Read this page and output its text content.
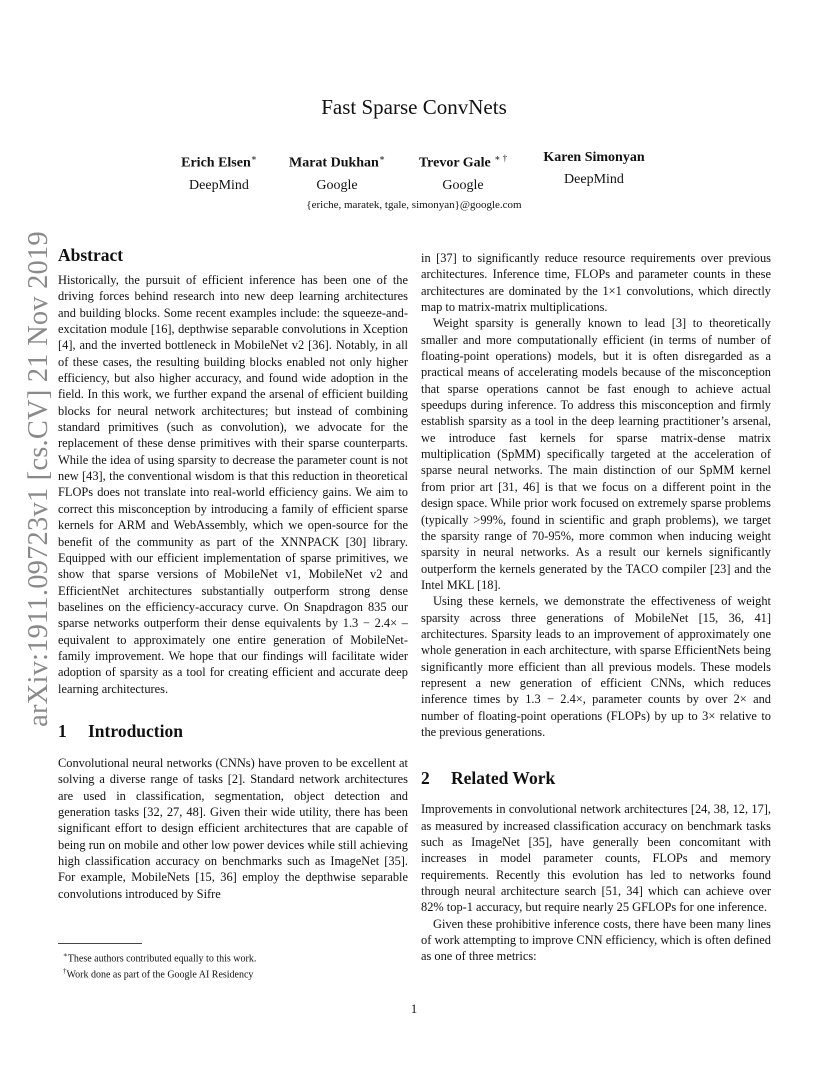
Fast Sparse ConvNets
Erich Elsen∗
DeepMind
Marat Dukhan∗
Google
Trevor Gale ∗ †
Google
Karen Simonyan
DeepMind
{eriche, maratek, tgale, simonyan}@google.com
arXiv:1911.09723v1 [cs.CV] 21 Nov 2019 Abstract

Historically, the pursuit of efficient inference has been one of the driving forces behind research into new deep learning architectures and building blocks. Some recent examples include: the squeeze-and-excitation module [16], depthwise separable convolutions in Xception [4], and the inverted bottleneck in MobileNet v2 [36]. Notably, in all of these cases, the resulting building blocks enabled not only higher efficiency, but also higher accuracy, and found wide adoption in the field. In this work, we further expand the arsenal of efficient building blocks for neural network architectures; but instead of combining standard primitives (such as convolution), we advocate for the replacement of these dense primitives with their sparse counterparts. While the idea of using sparsity to decrease the parameter count is not new [43], the conventional wisdom is that this reduction in theoretical FLOPs does not translate into real-world efficiency gains. We aim to correct this misconception by introducing a family of efficient sparse kernels for ARM and WebAssembly, which we open-source for the benefit of the community as part of the XNNPACK [30] library. Equipped with our efficient implementation of sparse primitives, we show that sparse versions of MobileNet v1, MobileNet v2 and EfficientNet architectures substantially outperform strong dense baselines on the efficiency-accuracy curve. On Snapdragon 835 our sparse networks outperform their dense equivalents by 1.3 − 2.4× – equivalent to approximately one entire generation of MobileNet-family improvement. We hope that our findings will facilitate wider adoption of sparsity as a tool for creating efficient and accurate deep learning architectures.

1 Introduction

Convolutional neural networks (CNNs) have proven to be excellent at solving a diverse range of tasks [2]. Standard network architectures are used in classification, segmentation, object detection and generation tasks [32, 27, 48]. Given their wide utility, there has been significant effort to design efficient architectures that are capable of being run on mobile and other low power devices while still achieving high classification accuracy on benchmarks such as ImageNet [35]. For example, MobileNets [15, 36] employ the depthwise separable convolutions introduced by Sifre

in [37] to significantly reduce resource requirements over previous architectures. Inference time, FLOPs and parameter counts in these architectures are dominated by the 1×1 convolutions, which directly map to matrix-matrix multiplications.

Weight sparsity is generally known to lead [3] to theoretically smaller and more computationally efficient (in terms of number of floating-point operations) models, but it is often disregarded as a practical means of accelerating models because of the misconception that sparse operations cannot be fast enough to achieve actual speedups during inference. To address this misconception and firmly establish sparsity as a tool in the deep learning practitioner’s arsenal, we introduce fast kernels for sparse matrix-dense matrix multiplication (SpMM) specifically targeted at the acceleration of sparse neural networks. The main distinction of our SpMM kernel from prior art [31, 46] is that we focus on a different point in the design space. While prior work focused on extremely sparse problems (typically >99%, found in scientific and graph problems), we target the sparsity range of 70-95%, more common when inducing weight sparsity in neural networks. As a result our kernels significantly outperform the kernels generated by the TACO compiler [23] and the Intel MKL [18].

Using these kernels, we demonstrate the effectiveness of weight sparsity across three generations of MobileNet [15, 36, 41] architectures. Sparsity leads to an improvement of approximately one whole generation in each architecture, with sparse EfficientNets being significantly more efficient than all previous models. These models represent a new generation of efficient CNNs, which reduces inference times by 1.3 − 2.4×, parameter counts by over 2× and number of floating-point operations (FLOPs) by up to 3× relative to the previous generations.

2 Related Work

Improvements in convolutional network architectures [24, 38, 12, 17], as measured by increased classification accuracy on benchmark tasks such as ImageNet [35], have generally been concomitant with increases in model parameter counts, FLOPs and memory requirements. Recently this evolution has led to networks found through neural architecture search [51, 34] which can achieve over 82% top-1 accuracy, but require nearly 25 GFLOPs for one inference.

Given these prohibitive inference costs, there have been many lines of work attempting to improve CNN efficiency, which is often defined as one of three metrics:

∗These authors contributed equally to this work.
†Work done as part of the Google AI Residency
1
